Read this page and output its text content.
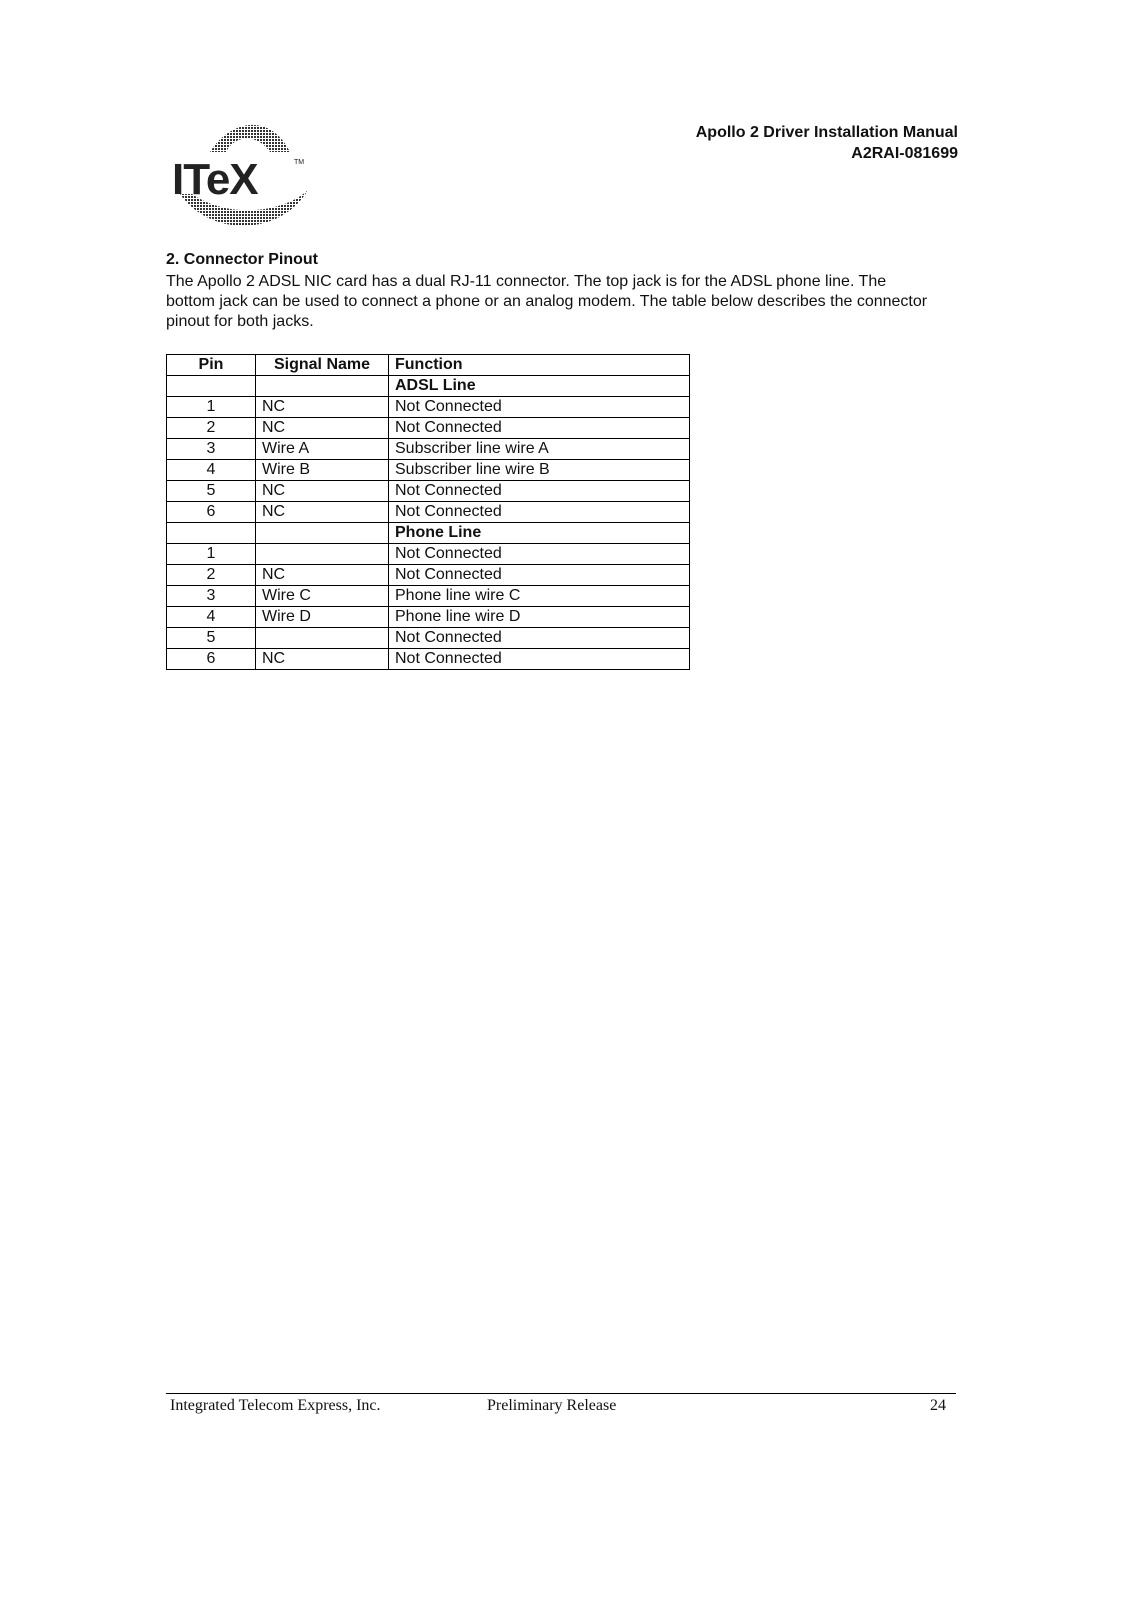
ITeX	TM
Apollo 2 Driver Installation Manual
A2RAI-081699
2. Connector Pinout
The Apollo 2 ADSL NIC card has a dual RJ-11 connector. The top jack is for the ADSL phone line. The bottom jack can be used to connect a phone or an analog modem. The table below describes the connector pinout for both jacks.
Pin	Signal Name	Function
		ADSL Line
1	NC	Not Connected
2	NC	Not Connected
3	Wire A	Subscriber line wire A
4	Wire B	Subscriber line wire B
5	NC	Not Connected
6	NC	Not Connected
		Phone Line
1		Not Connected
2	NC	Not Connected
3	Wire C	Phone line wire C
4	Wire D	Phone line wire D
5		Not Connected
6	NC	Not Connected
Integrated Telecom Express, Inc.	Preliminary Release	24
